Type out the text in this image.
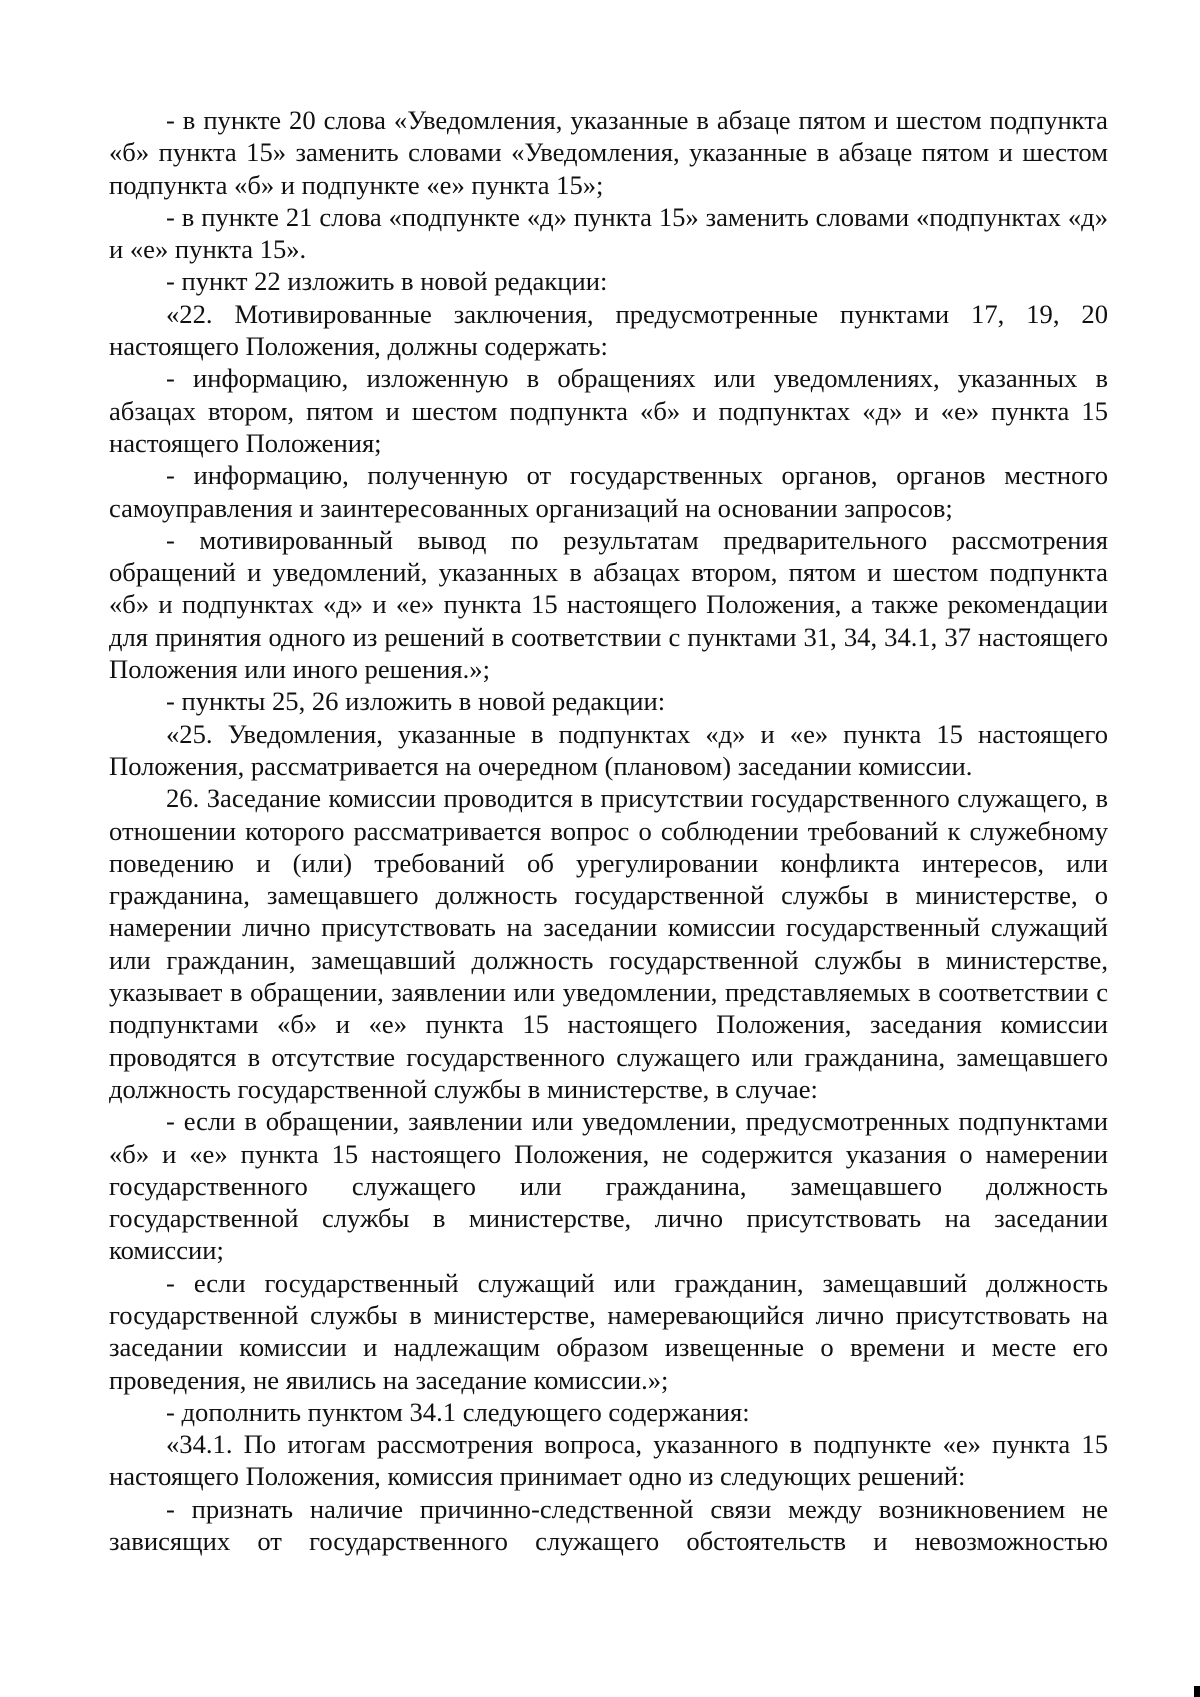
- в пункте 20 слова «Уведомления, указанные в абзаце пятом и шестом подпункта «б» пункта 15» заменить словами «Уведомления, указанные в абзаце пятом и шестом подпункта «б» и подпункте «е» пункта 15»;

- в пункте 21 слова «подпункте «д» пункта 15» заменить словами «подпунктах «д» и «е» пункта 15».

- пункт 22 изложить в новой редакции:

«22. Мотивированные заключения, предусмотренные пунктами 17, 19, 20 настоящего Положения, должны содержать:

- информацию, изложенную в обращениях или уведомлениях, указанных в абзацах втором, пятом и шестом подпункта «б» и подпунктах «д» и «е» пункта 15 настоящего Положения;

- информацию, полученную от государственных органов, органов местного самоуправления и заинтересованных организаций на основании запросов;

- мотивированный вывод по результатам предварительного рассмотрения обращений и уведомлений, указанных в абзацах втором, пятом и шестом подпункта «б» и подпунктах «д» и «е» пункта 15 настоящего Положения, а также рекомендации для принятия одного из решений в соответствии с пунктами 31, 34, 34.1, 37 настоящего Положения или иного решения.»;

- пункты 25, 26 изложить в новой редакции:

«25. Уведомления, указанные в подпунктах «д» и «е» пункта 15 настоящего Положения, рассматривается на очередном (плановом) заседании комиссии.

26. Заседание комиссии проводится в присутствии государственного служащего, в отношении которого рассматривается вопрос о соблюдении требований к служебному поведению и (или) требований об урегулировании конфликта интересов, или гражданина, замещавшего должность государственной службы в министерстве, о намерении лично присутствовать на заседании комиссии государственный служащий или гражданин, замещавший должность государственной службы в министерстве, указывает в обращении, заявлении или уведомлении, представляемых в соответствии с подпунктами «б» и «е» пункта 15 настоящего Положения, заседания комиссии проводятся в отсутствие государственного служащего или гражданина, замещавшего должность государственной службы в министерстве, в случае:

- если в обращении, заявлении или уведомлении, предусмотренных подпунктами «б» и «е» пункта 15 настоящего Положения, не содержится указания о намерении государственного служащего или гражданина, замещавшего должность государственной службы в министерстве, лично присутствовать на заседании комиссии;

- если государственный служащий или гражданин, замещавший должность государственной службы в министерстве, намеревающийся лично присутствовать на заседании комиссии и надлежащим образом извещенные о времени и месте его проведения, не явились на заседание комиссии.»;

- дополнить пунктом 34.1 следующего содержания:

«34.1. По итогам рассмотрения вопроса, указанного в подпункте «е» пункта 15 настоящего Положения, комиссия принимает одно из следующих решений:

- признать наличие причинно-следственной связи между возникновением не зависящих от государственного служащего обстоятельств и невозможностью
